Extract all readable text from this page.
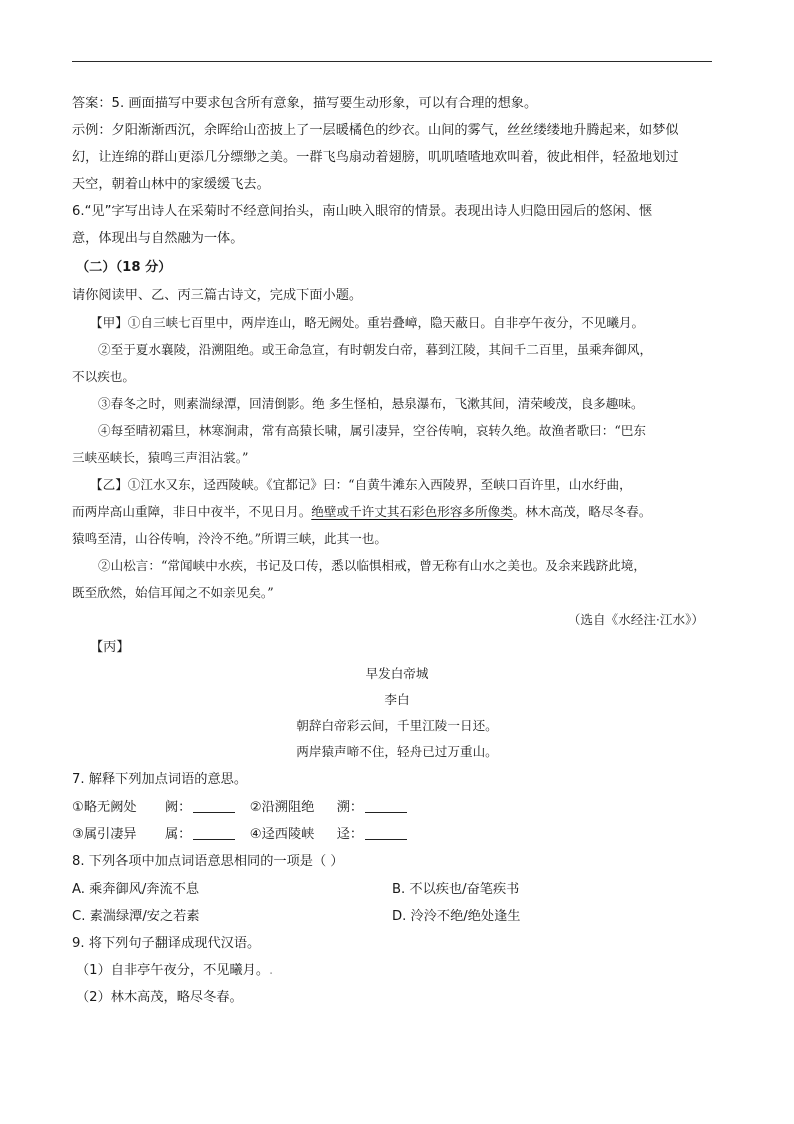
答案：5. 画面描写中要求包含所有意象，描写要生动形象，可以有合理的想象。
示例：夕阳渐渐西沉，余晖给山峦披上了一层暖橘色的纱衣。山间的雾气，丝丝缕缕地升腾起来，如梦似
幻，让连绵的群山更添几分缥缈之美。一群飞鸟扇动着翅膀，叽叽喳喳地欢叫着，彼此相伴，轻盈地划过
天空，朝着山林中的家缓缓飞去。
6.“见”字写出诗人在采菊时不经意间抬头，南山映入眼帘的情景。表现出诗人归隐田园后的悠闲、惬
意，体现出与自然融为一体。
（二）（18 分）
请你阅读甲、乙、丙三篇古诗文，完成下面小题。
【甲】①自三峡七百里中，两岸连山，略无阙处。重岩叠嶂，隐天蔽日。自非亭午夜分，不见曦月。
②至于夏水襄陵，沿溯阻绝。或王命急宣，有时朝发白帝，暮到江陵，其间千二百里，虽乘奔御风，
不以疾也。
③春冬之时，则素湍绿潭，回清倒影。绝 多生怪柏，悬泉瀑布，飞漱其间，清荣峻茂，良多趣味。
④每至晴初霜旦，林寒涧肃，常有高猿长啸，属引凄异，空谷传响，哀转久绝。故渔者歌曰：“巴东
三峡巫峡长，猿鸣三声泪沾裳。”
【乙】①江水又东，迳西陵峡。《宜都记》曰：“自黄牛滩东入西陵界，至峡口百许里，山水纡曲，
而两岸高山重障，非日中夜半，不见日月。绝壁或千许丈其石彩色形容多所像类。林木高茂，略尽冬春。
猿鸣至清，山谷传响，泠泠不绝。”所谓三峡，此其一也。
②山松言：“常闻峡中水疾，书记及口传，悉以临惧相戒，曾无称有山水之美也。及余来践跻此境，
既至欣然，始信耳闻之不如亲见矣。”
（选自《水经注·江水》）
【丙】
早发白帝城
李白
朝辞白帝彩云间，千里江陵一日还。
两岸猿声啼不住，轻舟已过万重山。
7. 解释下列加点词语的意思。
①略无阙处 阙：	②沿溯阻绝 溯：
③属引凄异 属：	④迳西陵峡 迳：
8. 下列各项中加点词语意思相同的一项是（ ）
A. 乘奔御风/奔流不息	B. 不以疾也/奋笔疾书
C. 素湍绿潭/安之若素	D. 泠泠不绝/绝处逢生
9. 将下列句子翻译成现代汉语。
（1）自非亭午夜分，不见曦月。.
（2）林木高茂，略尽冬春。
